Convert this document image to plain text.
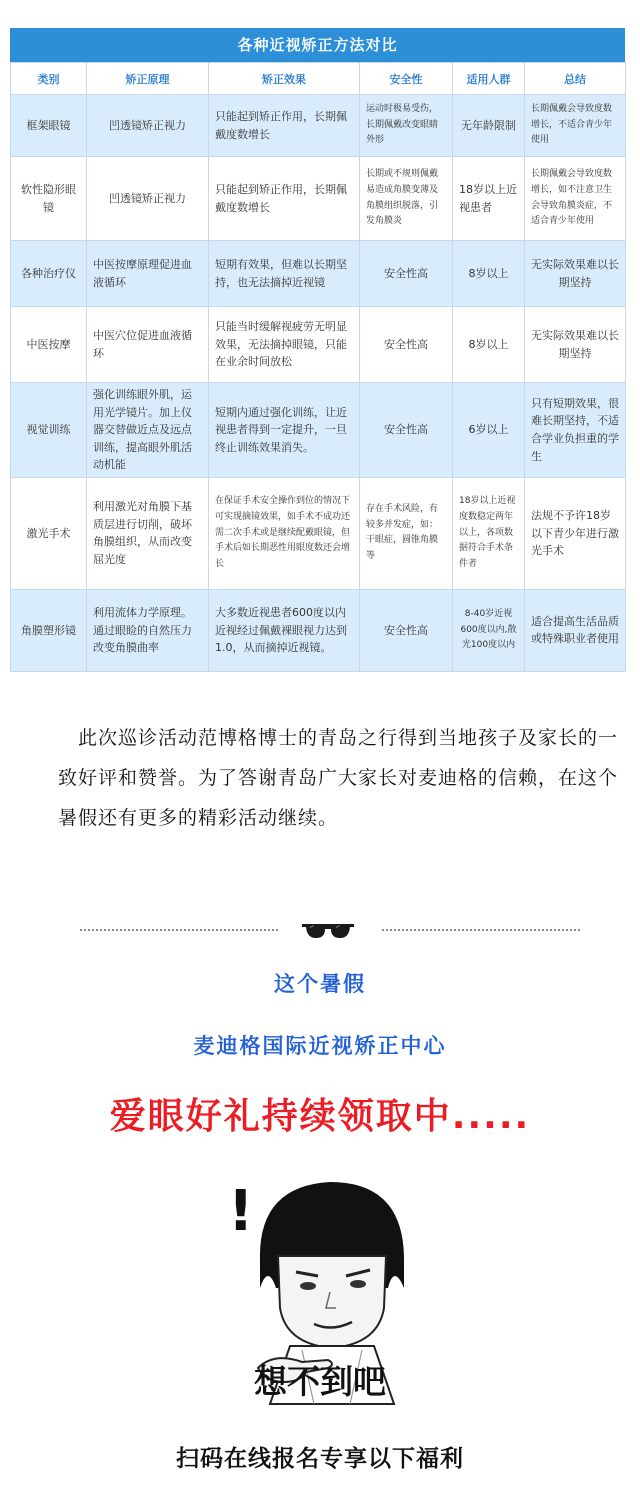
各种近视矫正方法对比
类别	矫正原理	矫正效果	安全性	适用人群	总结
框架眼镜	凹透镜矫正视力	只能起到矫正作用，长期佩戴度数增长	运动时极易受伤，长期佩戴改变眼睛外形	无年龄限制	长期佩戴会导致度数增长，不适合青少年使用
软性隐形眼镜	凹透镜矫正视力	只能起到矫正作用，长期佩戴度数增长	长期或不规则佩戴易造成角膜变薄及角膜组织脱落，引发角膜炎	18岁以上近视患者	长期佩戴会导致度数增长，如不注意卫生会导致角膜炎症，不适合青少年使用
各种治疗仪	中医按摩原理促进血液循环	短期有效果，但难以长期坚持，也无法摘掉近视镜	安全性高	8岁以上	无实际效果难以长期坚持
中医按摩	中医穴位促进血液循环	只能当时缓解视疲劳无明显效果，无法摘掉眼镜，只能在业余时间放松	安全性高	8岁以上	无实际效果难以长期坚持
视觉训练	强化训练眼外肌，运用光学镜片。加上仪器交替做近点及远点训练，提高眼外肌活动机能	短期内通过强化训练，让近视患者得到一定提升，一旦终止训练效果消失。	安全性高	6岁以上	只有短期效果，很难长期坚持，不适合学业负担重的学生
激光手术	利用激光对角膜下基质层进行切削，破坏角膜组织，从而改变屈光度	在保证手术安全操作到位的情况下可实现摘镜效果，如手术不成功还需二次手术或是继续配戴眼镜，但手术后如长期恶性用眼度数还会增长	存在手术风险，有较多并发症，如：干眼症，圆锥角膜等	18岁以上近视度数稳定两年以上，各项数据符合手术条件者	法规不予许18岁以下青少年进行激光手术
角膜塑形镜	利用流体力学原理。通过眼睑的自然压力改变角膜曲率	大多数近视患者600度以内近视经过佩戴裸眼视力达到1.0，从而摘掉近视镜。	安全性高	8-40岁近视600度以内,散光100度以内	适合提高生活品质或特殊职业者使用
此次巡诊活动范博格博士的青岛之行得到当地孩子及家长的一致好评和赞誉。为了答谢青岛广大家长对麦迪格的信赖，在这个暑假还有更多的精彩活动继续。
这个暑假
麦迪格国际近视矫正中心
爱眼好礼持续领取中.....
!
想不到吧
扫码在线报名专享以下福利
